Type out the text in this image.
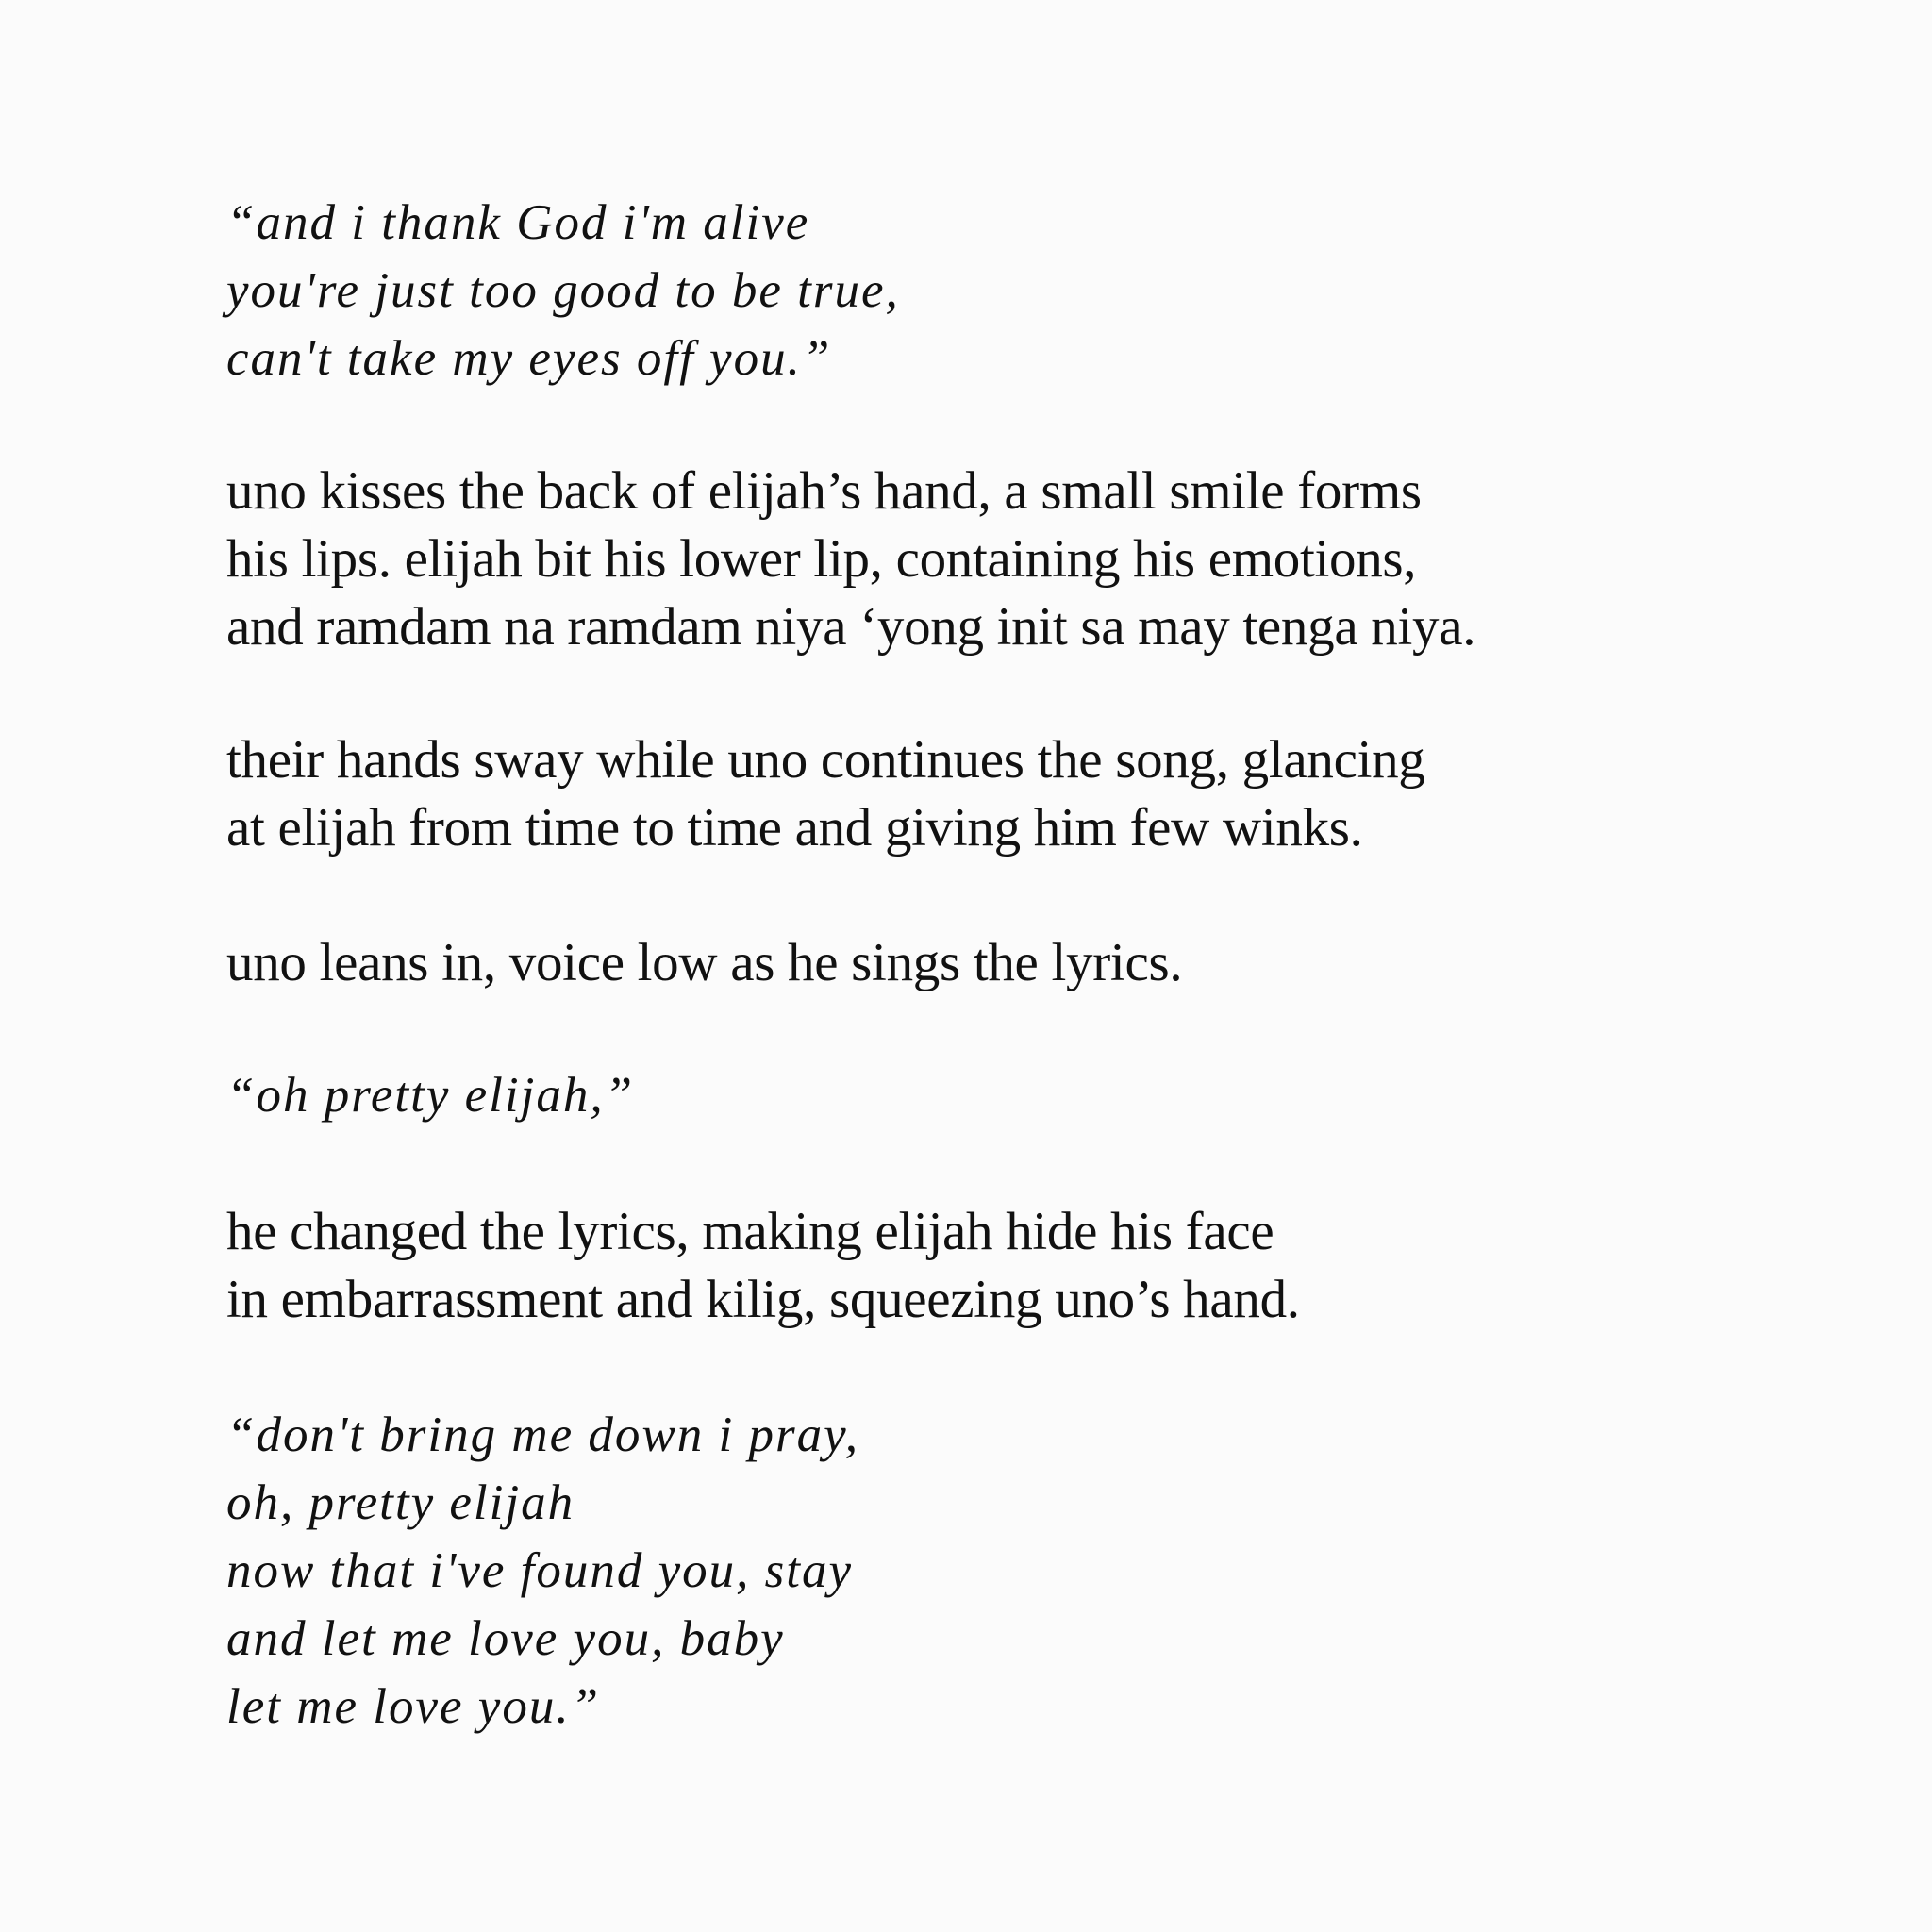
“and i thank God i'm alive
you're just too good to be true,
can't take my eyes off you.”
uno kisses the back of elijah’s hand, a small smile forms
his lips. elijah bit his lower lip, containing his emotions,
and ramdam na ramdam niya ‘yong init sa may tenga niya.
their hands sway while uno continues the song, glancing
at elijah from time to time and giving him few winks.
uno leans in, voice low as he sings the lyrics.
“oh pretty elijah,”
he changed the lyrics, making elijah hide his face
in embarrassment and kilig, squeezing uno’s hand.
“don't bring me down i pray,
oh, pretty elijah
now that i've found you, stay
and let me love you, baby
let me love you.”
